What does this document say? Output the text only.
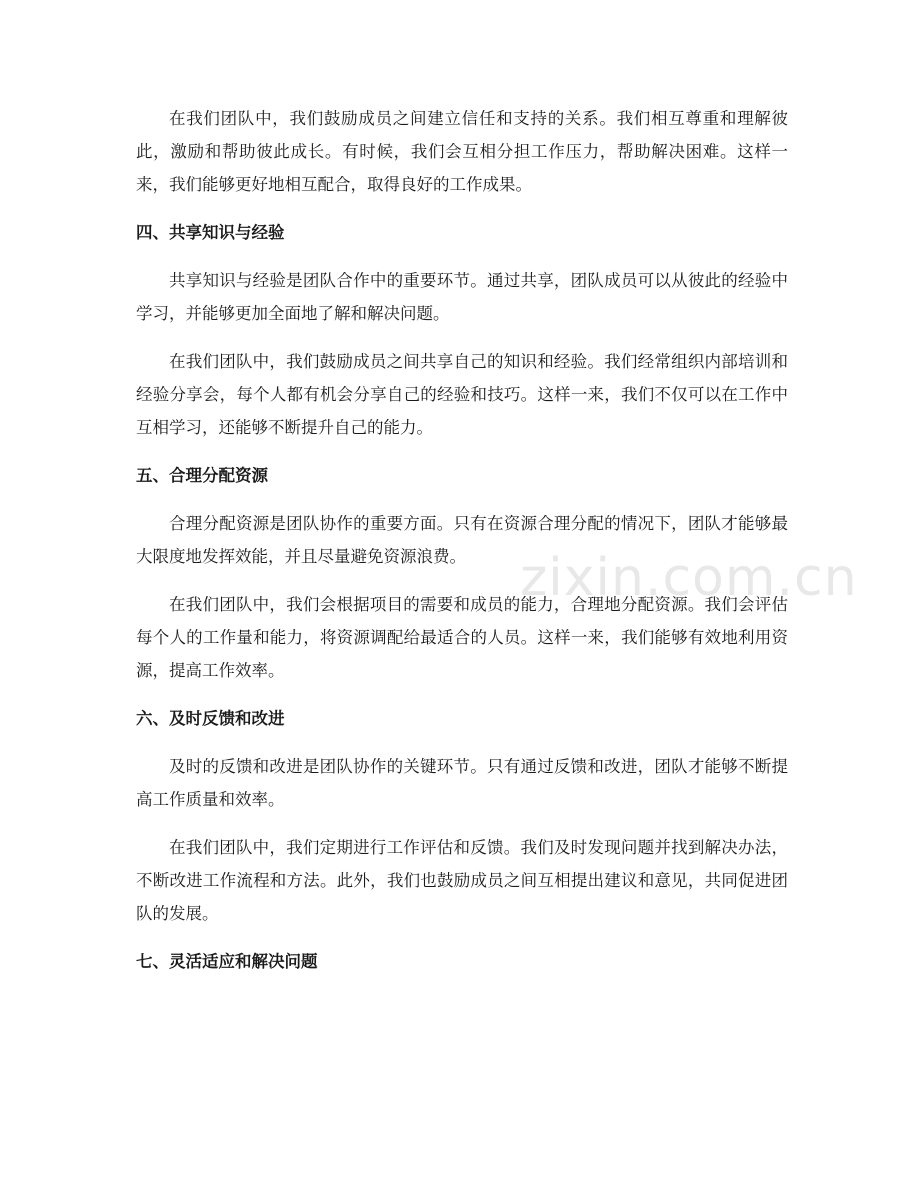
zixin.com.cn

在我们团队中，我们鼓励成员之间建立信任和支持的关系。我们相互尊重和理解彼此，激励和帮助彼此成长。有时候，我们会互相分担工作压力，帮助解决困难。这样一来，我们能够更好地相互配合，取得良好的工作成果。

四、共享知识与经验

共享知识与经验是团队合作中的重要环节。通过共享，团队成员可以从彼此的经验中学习，并能够更加全面地了解和解决问题。

在我们团队中，我们鼓励成员之间共享自己的知识和经验。我们经常组织内部培训和经验分享会，每个人都有机会分享自己的经验和技巧。这样一来，我们不仅可以在工作中互相学习，还能够不断提升自己的能力。

五、合理分配资源

合理分配资源是团队协作的重要方面。只有在资源合理分配的情况下，团队才能够最大限度地发挥效能，并且尽量避免资源浪费。

在我们团队中，我们会根据项目的需要和成员的能力，合理地分配资源。我们会评估每个人的工作量和能力，将资源调配给最适合的人员。这样一来，我们能够有效地利用资源，提高工作效率。

六、及时反馈和改进

及时的反馈和改进是团队协作的关键环节。只有通过反馈和改进，团队才能够不断提高工作质量和效率。

在我们团队中，我们定期进行工作评估和反馈。我们及时发现问题并找到解决办法，不断改进工作流程和方法。此外，我们也鼓励成员之间互相提出建议和意见，共同促进团队的发展。

七、灵活适应和解决问题
